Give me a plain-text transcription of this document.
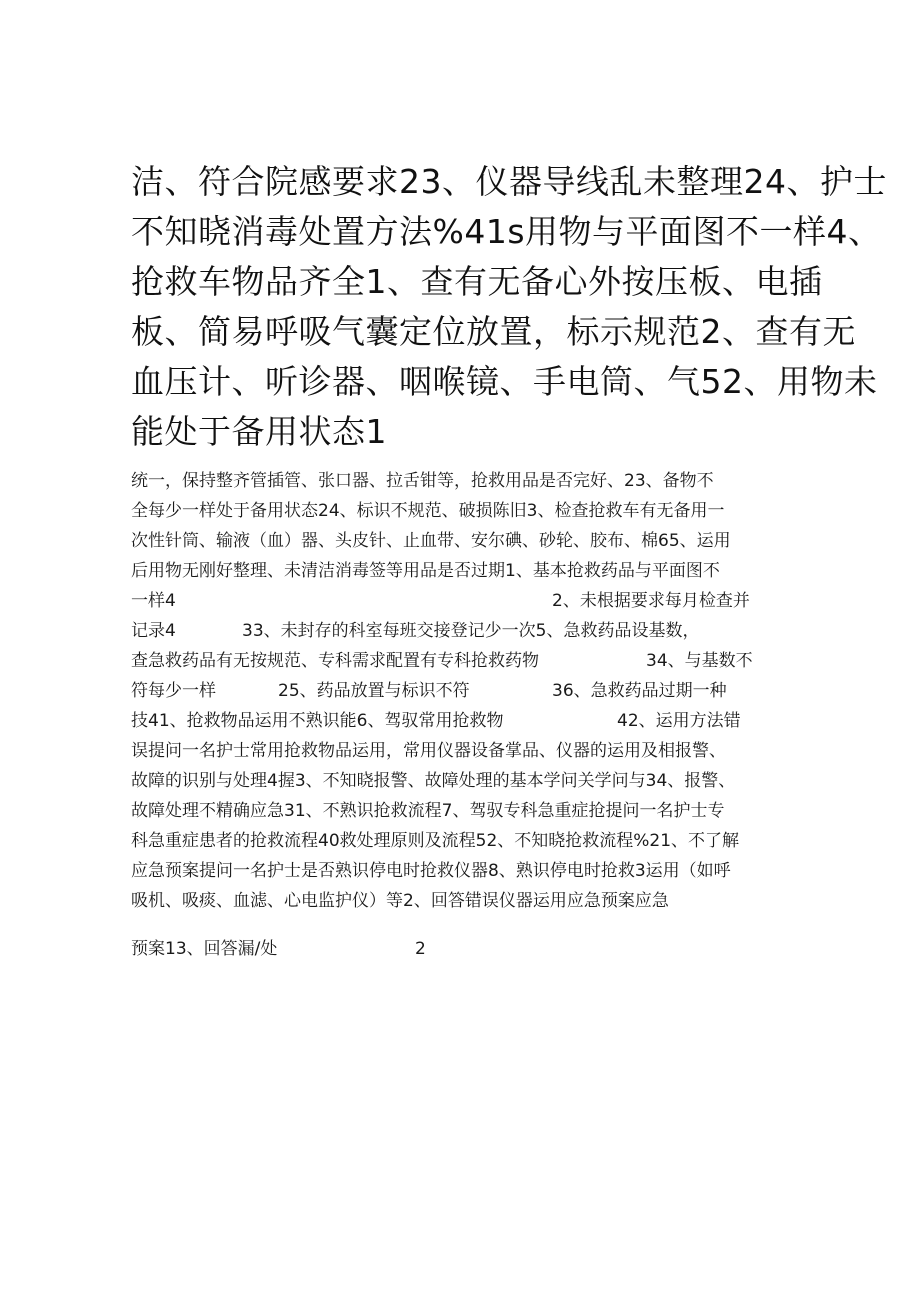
洁、符合院感要求23、仪器导线乱未整理24、护士
不知晓消毒处置方法%41s用物与平面图不一样4、
抢救车物品齐全1、查有无备心外按压板、电插
板、简易呼吸气囊定位放置，标示规范2、查有无
血压计、听诊器、咽喉镜、手电筒、气52、用物未
能处于备用状态1
统一，保持整齐管插管、张口器、拉舌钳等，抢救用品是否完好、23、备物不
全每少一样处于备用状态24、标识不规范、破损陈旧3、检查抢救车有无备用一
次性针筒、输液（血）器、头皮针、止血带、安尔碘、砂轮、胶布、棉65、运用
后用物无刚好整理、未清洁消毒签等用品是否过期1、基本抢救药品与平面图不
一样4	2、未根据要求每月检查并
记录4	33、未封存的科室每班交接登记少一次5、急救药品设基数，
查急救药品有无按规范、专科需求配置有专科抢救药物	34、与基数不
符每少一样	25、药品放置与标识不符	36、急救药品过期一种
技41、抢救物品运用不熟识能6、驾驭常用抢救物	42、运用方法错
误提问一名护士常用抢救物品运用，常用仪器设备掌品、仪器的运用及相报警、
故障的识别与处理4握3、不知晓报警、故障处理的基本学问关学问与34、报警、
故障处理不精确应急31、不熟识抢救流程7、驾驭专科急重症抢提问一名护士专
科急重症患者的抢救流程40救处理原则及流程52、不知晓抢救流程%21、不了解
应急预案提问一名护士是否熟识停电时抢救仪器8、熟识停电时抢救3运用（如呼
吸机、吸痰、血滤、心电监护仪）等2、回答错误仪器运用应急预案应急
预案13、回答漏/处	2
